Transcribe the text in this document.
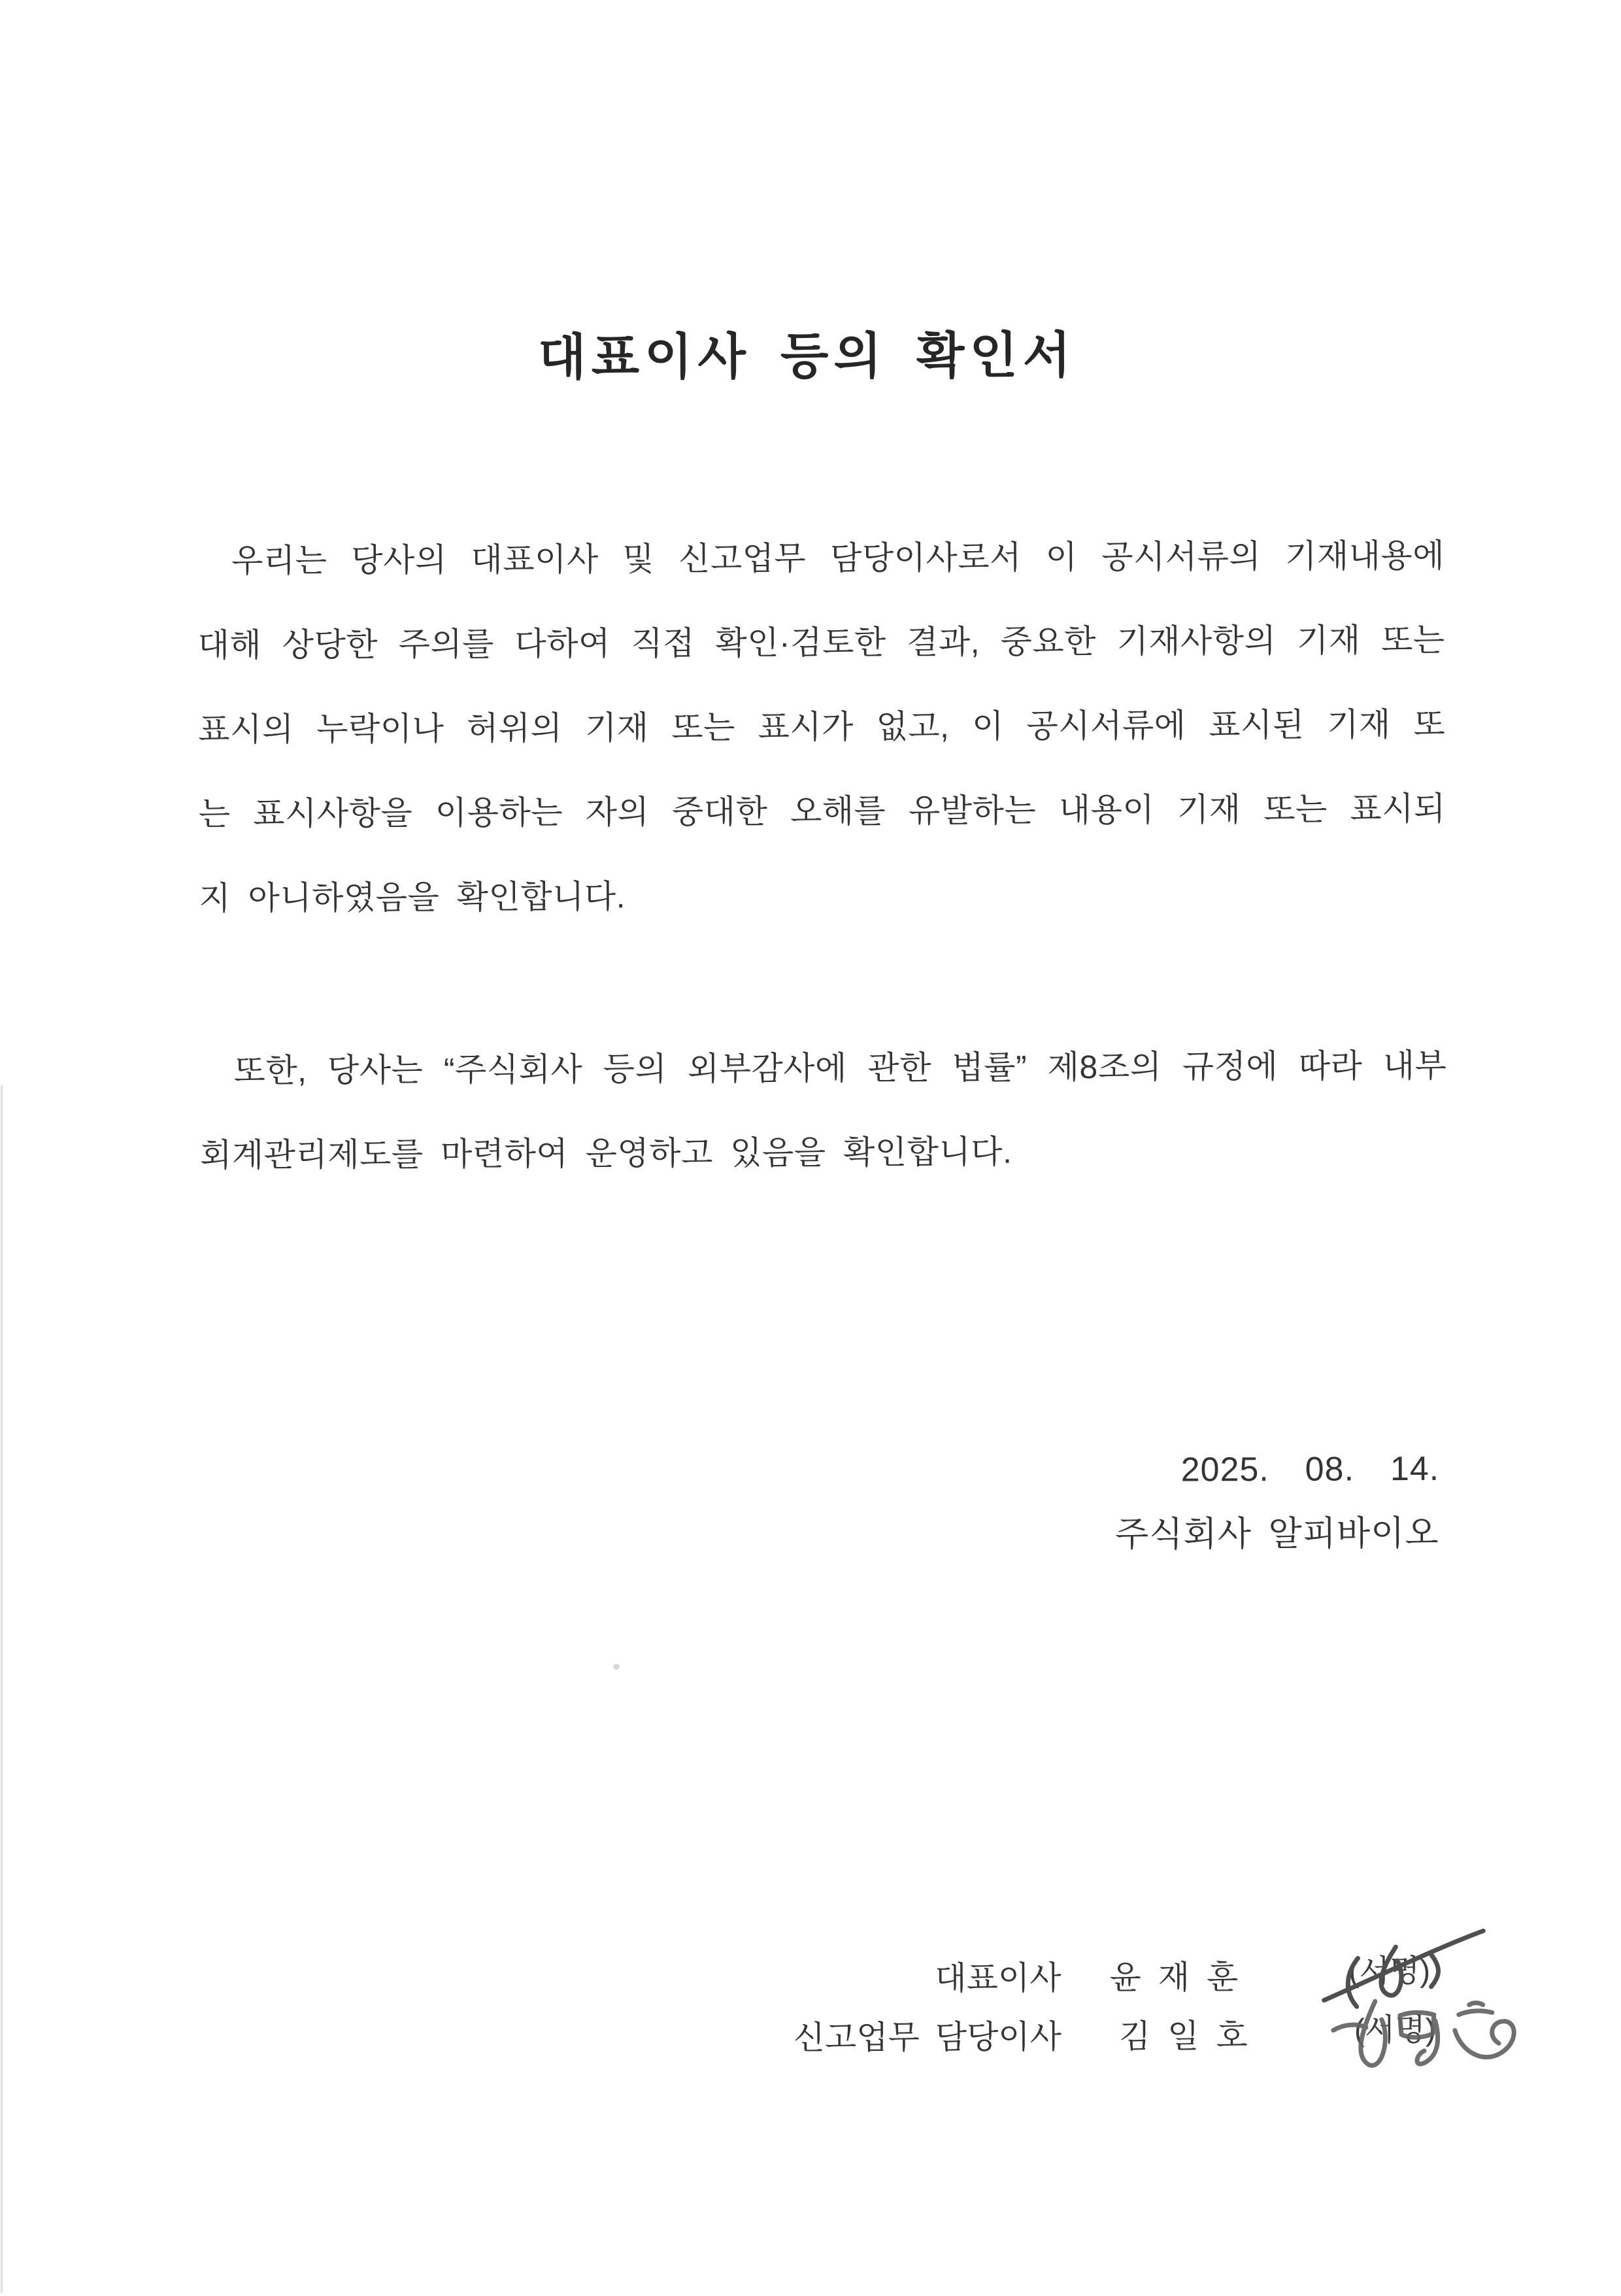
대표이사 등의 확인서
우리는 당사의 대표이사 및 신고업무 담당이사로서 이 공시서류의 기재내용에
대해 상당한 주의를 다하여 직접 확인·검토한 결과, 중요한 기재사항의 기재 또는
표시의 누락이나 허위의 기재 또는 표시가 없고, 이 공시서류에 표시된 기재 또
는 표시사항을 이용하는 자의 중대한 오해를 유발하는 내용이 기재 또는 표시되
지 아니하였음을 확인합니다.
또한, 당사는 “주식회사 등의 외부감사에 관한 법률” 제8조의 규정에 따라 내부
회계관리제도를 마련하여 운영하고 있음을 확인합니다.
2025.  08.  14.
주식회사 알피바이오
대표이사 윤 재 훈	(서명)
신고업무 담당이사 김 일 호	(서명)
